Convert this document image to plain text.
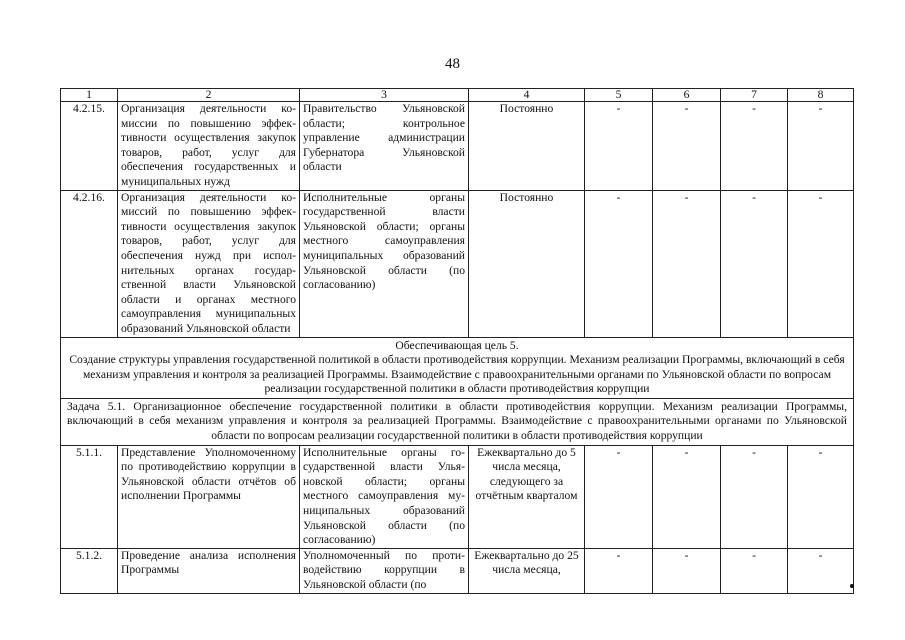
48
1	2	3	4	5	6	7	8
4.2.15.	Организация деятельности комиссии по повышению эффективности осуществления закупок товаров, работ, услуг для обеспечения государственных и муниципальных нужд	Правительство Ульяновской области; контрольное управление администрации Губернатора Ульяновской области	Постоянно	-	-	-	-
4.2.16.	Организация деятельности комиссий по повышению эффективности осуществления закупок товаров, работ, услуг для обеспечения нужд при исполнительных органах государственной власти Ульяновской области и органах местного самоуправления муниципальных образований Ульяновской области	Исполнительные органы государственной власти Ульяновской области; органы местного самоуправления муниципальных образований Ульяновской области (по согласованию)	Постоянно	-	-	-	-

Обеспечивающая цель 5.
Создание структуры управления государственной политикой в области противодействия коррупции. Механизм реализации Программы, включающий в себя механизм управления и контроля за реализацией Программы. Взаимодействие с правоохранительными органами по Ульяновской области по вопросам реализации государственной политики в области противодействия коррупции							

Задача 5.1. Организационное обеспечение государственной политики в области противодействия коррупции. Механизм реализации Программы, включающий в себя механизм управления и контроля за реализацией Программы. Взаимодействие с правоохранительными органами по Ульяновской области по вопросам реализации государственной политики в области противодействия коррупции							
5.1.1.	Представление Уполномоченному по противодействию коррупции в Ульяновской области отчётов об исполнении Программы	Исполнительные органы государственной власти Ульяновской области; органы местного самоуправления муниципальных образований Ульяновской области (по согласованию)	Ежеквартально до 5 числа месяца, следующего за отчётным кварталом	-	-	-	-
5.1.2.	Проведение анализа исполнения Программы	Уполномоченный по противодействию коррупции в Ульяновской области (по	Ежеквартально до 25 числа месяца,	-	-	-	-
